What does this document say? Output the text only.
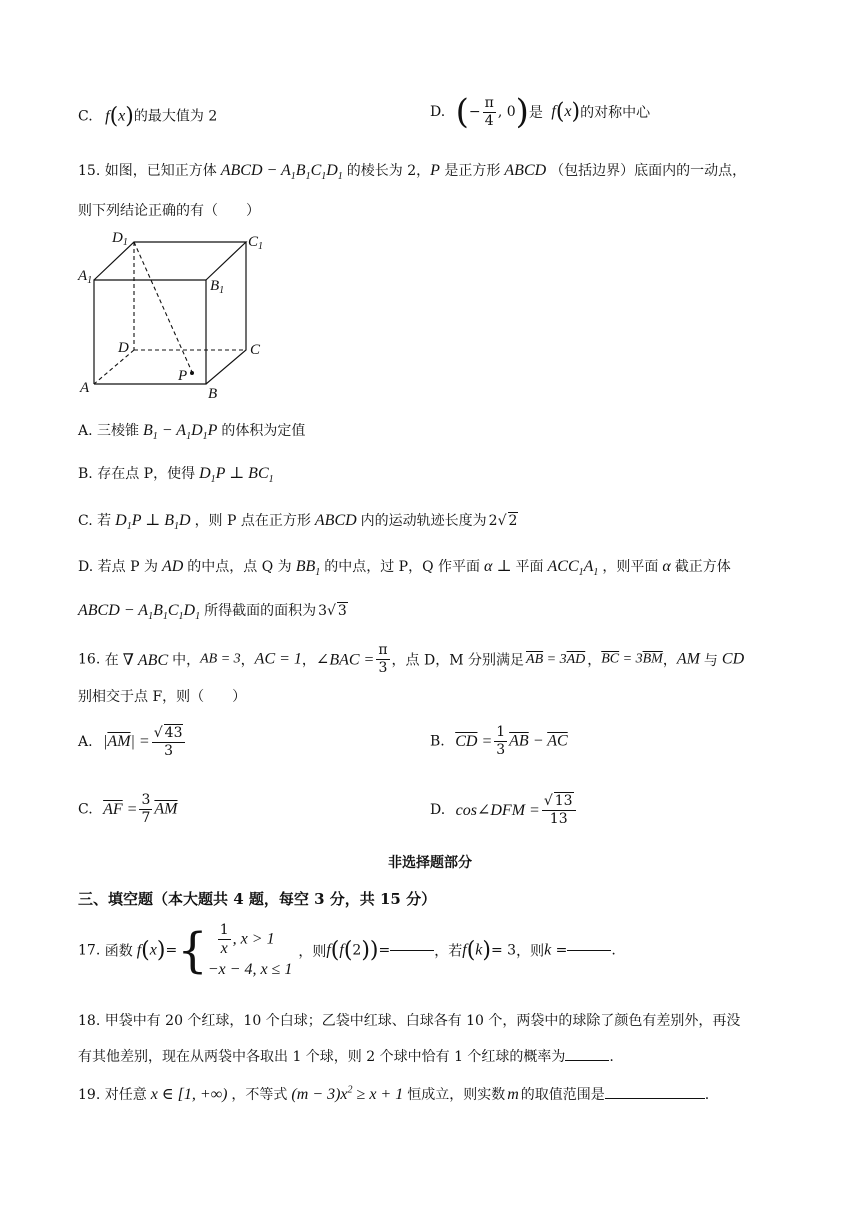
C. f(x)的最大值为 2	D. (− $\frac{\pi}{4}$ , 0)是 f(x)的对称中心
15. 如图，已知正方体 ABCD − $A_1B_1C_1D_1$ 的棱长为 2，P 是正方形 ABCD （包括边界）底面内的一动点，
则下列结论正确的有（　　）
$D_1$	$C_1$
$A_1$	$B_1$
D	C
A	B
P
A. 三棱锥 $B_1 - A_1D_1P$ 的体积为定值
B. 存在点 P，使得 $D_1P$ ⊥ $BC_1$
C. 若 $D_1P$ ⊥ $B_1D$ ，则 P 点在正方形 ABCD 内的运动轨迹长度为 2√ 2
D. 若点 P 为 AD 的中点，点 Q 为 $BB_1$ 的中点，过 P，Q 作平面 α ⊥ 平面 $ACC_1A_1$ ，则平面 α 截正方体
ABCD − $A_1B_1C_1D_1$ 所得截面的面积为 3√ 3
16. 在 ∇ ABC 中，AB = 3，AC = 1，∠BAC = $\frac{\pi}{3}$ ，点 D，M 分别满足 $\overline{AB} = 3\overline{AD}$ ，$\overline{BC} = 3\overline{BM}$，AM 与 CD
别相交于点 F，则（　　）
A. $|\overline{AM}| = \frac{√ 43}{3}$	B. $\overline{CD} = \frac{1}{3} \overline{AB} - \overline{AC}$
C. $\overline{AF} = \frac{3}{7} \overline{AM}$	D. cos∠DFM = $\frac{√ 13}{13}$
非选择题部分
三、填空题（本大题共 4 题，每空 3 分，共 15 分）
17. 函数 $f(x)=\{ \frac{1}{x}$ , x > 1
−x − 4, x ≤ 1
，则f(f(2))=	，若f(k)= 3，则k =	.
18. 甲袋中有 20 个红球，10 个白球；乙袋中红球、白球各有 10 个，两袋中的球除了颜色有差别外，再没
有其他差别，现在从两袋中各取出 1 个球，则 2 个球中恰有 1 个红球的概率为	.
19. 对任意 x ∈ [1, +∞) ，不等式 $(m - 3)x^2 \ge x + 1$ 恒成立，则实数 m 的取值范围是	.
